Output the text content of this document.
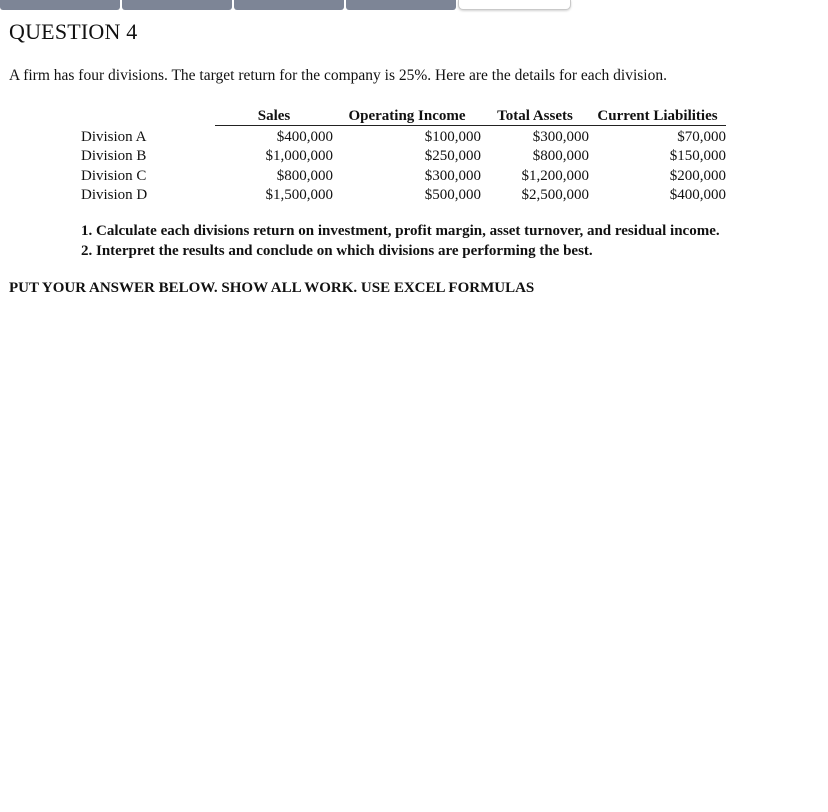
QUESTION 4
A firm has four divisions. The target return for the company is 25%. Here are the details for each division.
	Sales	Operating Income	Total Assets	Current Liabilities
Division A	$400,000	$100,000	$300,000	$70,000
Division B	$1,000,000	$250,000	$800,000	$150,000
Division C	$800,000	$300,000	$1,200,000	$200,000
Division D	$1,500,000	$500,000	$2,500,000	$400,000
1. Calculate each divisions return on investment, profit margin, asset turnover, and residual income.
2. Interpret the results and conclude on which divisions are performing the best.
PUT YOUR ANSWER BELOW. SHOW ALL WORK. USE EXCEL FORMULAS
